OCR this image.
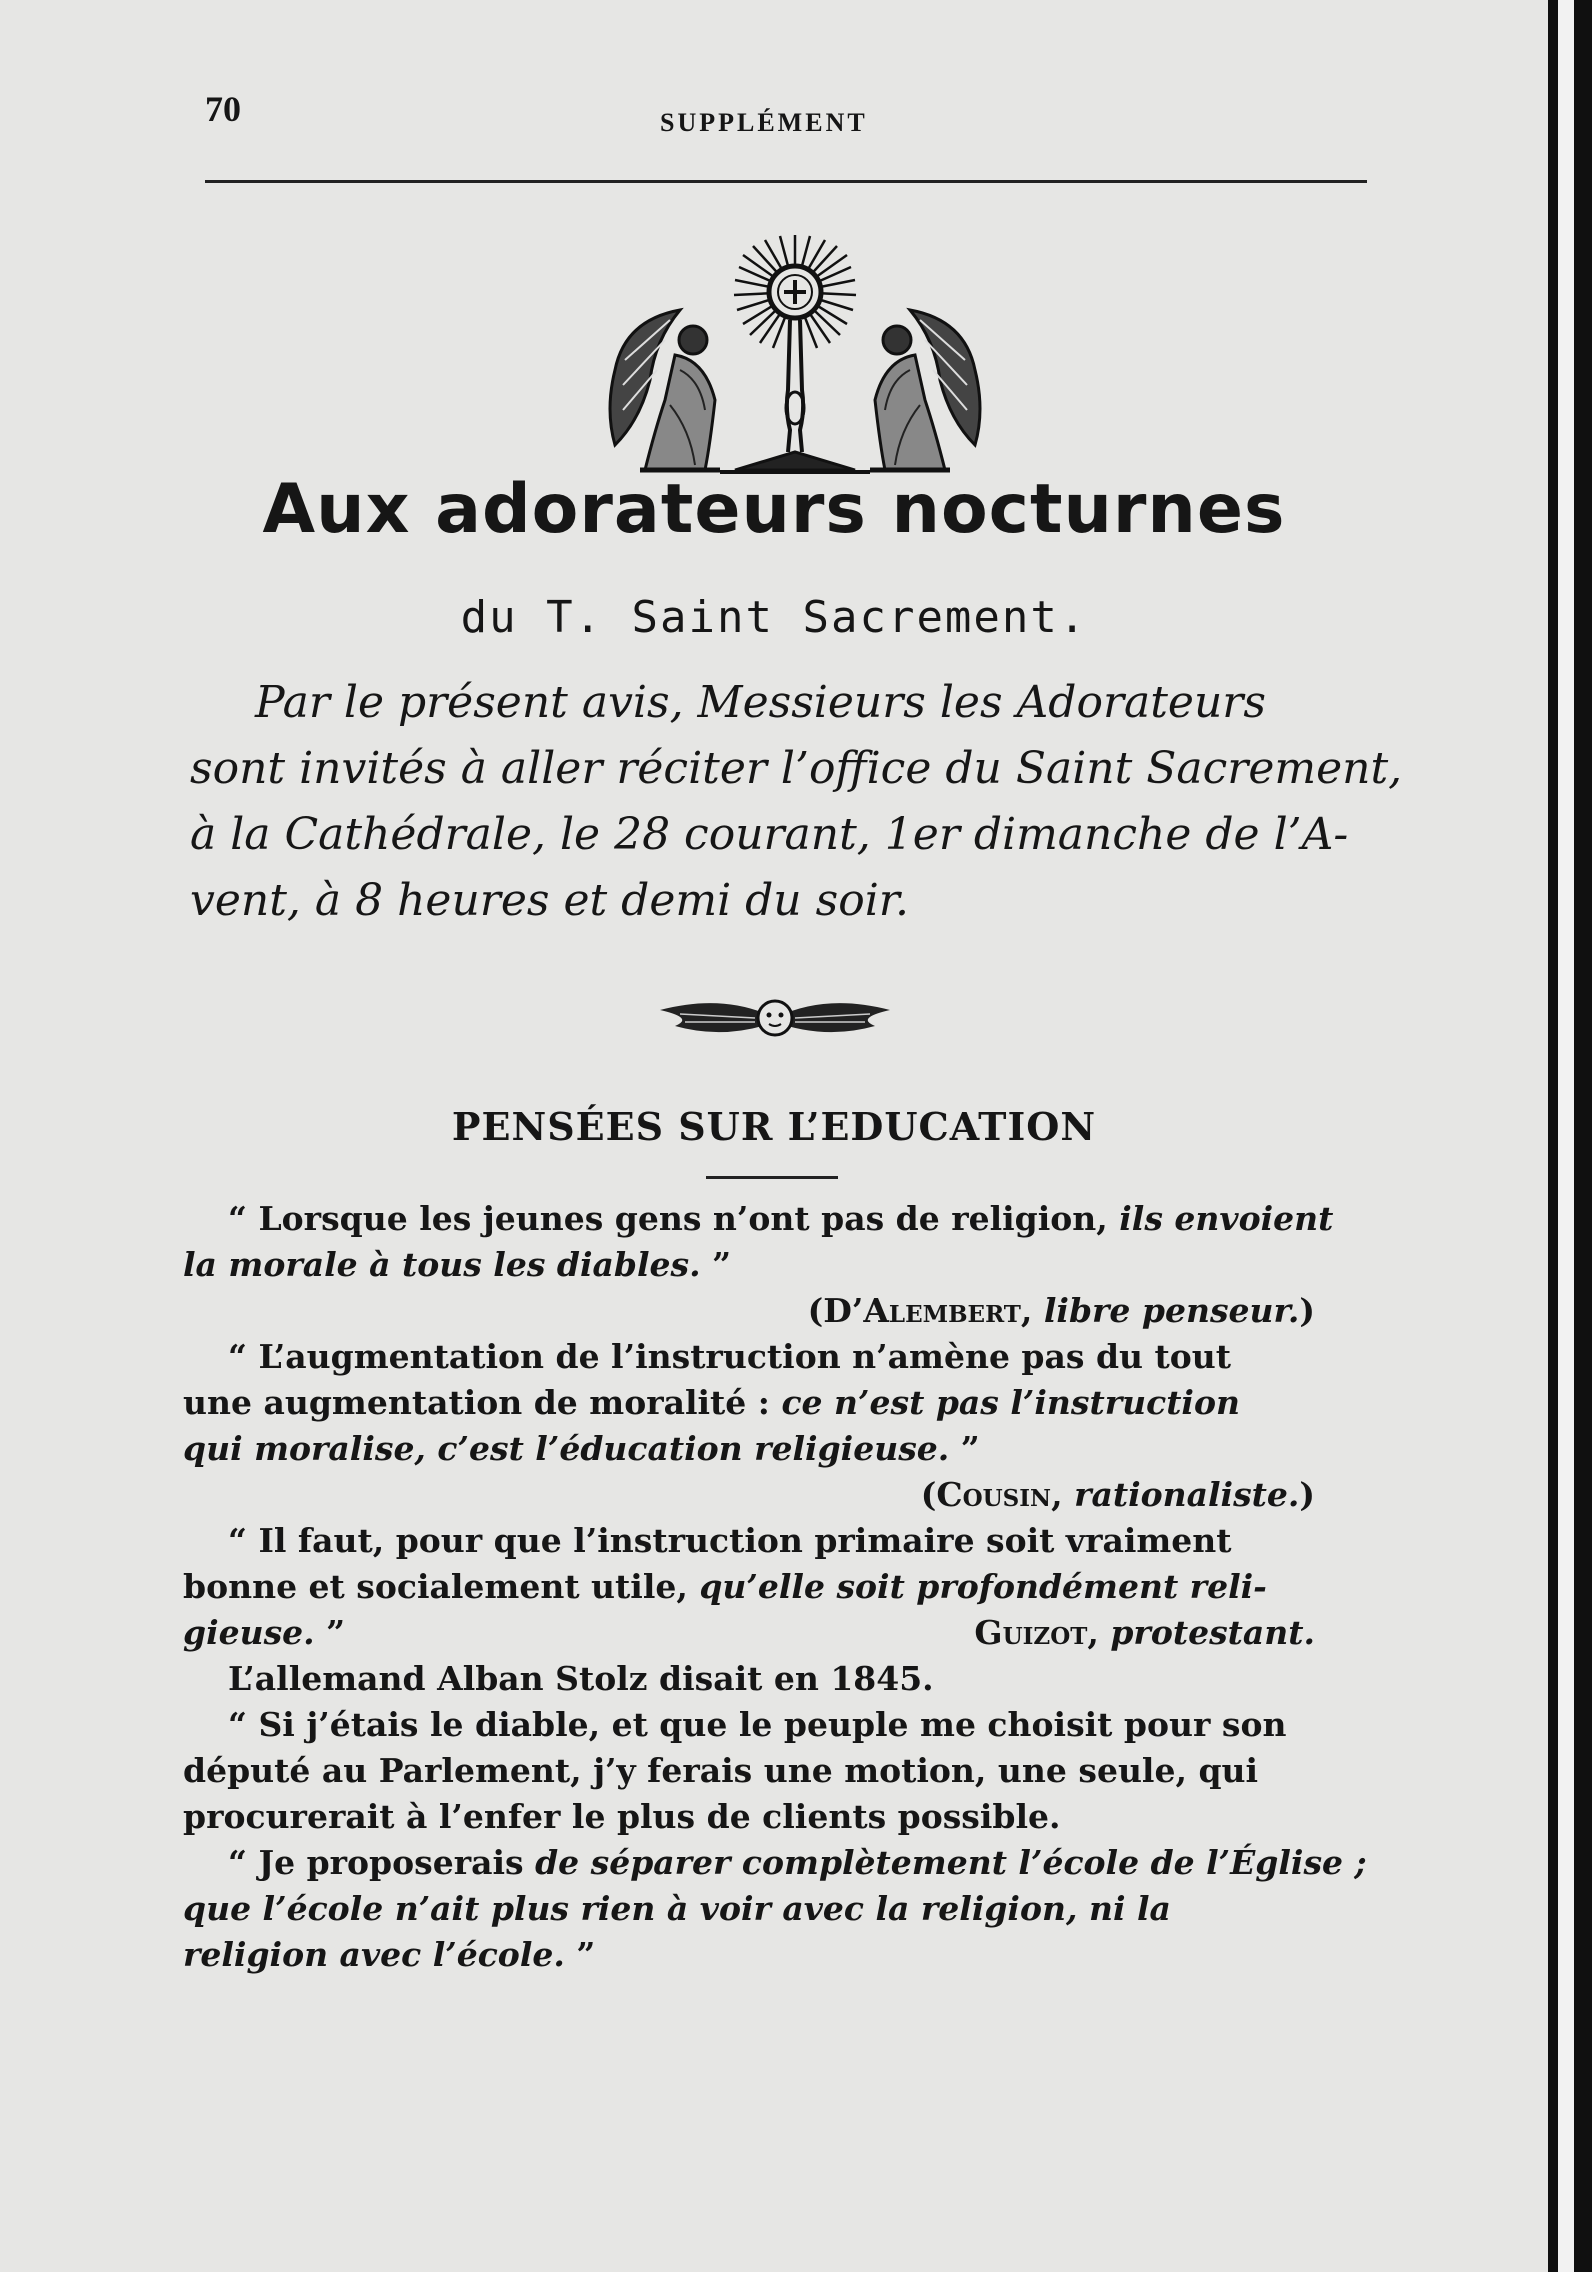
70	SUPPLÉMENT
Aux adorateurs nocturnes
du T. Saint Sacrement.
Par le présent avis, Messieurs les Adorateurs
sont invités à aller réciter l’office du Saint Sacrement,
à la Cathédrale, le 28 courant, 1er dimanche de l’A-
vent, à 8 heures et demi du soir.
PENSÉES SUR L’EDUCATION
“ Lorsque les jeunes gens n’ont pas de religion, ils envoient
la morale à tous les diables. ”
(D’Alembert, libre penseur.)
“ L’augmentation de l’instruction n’amène pas du tout
une augmentation de moralité : ce n’est pas l’instruction
qui moralise, c’est l’éducation religieuse. ”
(Cousin, rationaliste.)
“ Il faut, pour que l’instruction primaire soit vraiment
bonne et socialement utile, qu’elle soit profondément reli-
gieuse. ”	Guizot, protestant.
L’allemand Alban Stolz disait en 1845.
“ Si j’étais le diable, et que le peuple me choisit pour son
député au Parlement, j’y ferais une motion, une seule, qui
procurerait à l’enfer le plus de clients possible.
“ Je proposerais de séparer complètement l’école de l’Église ;
que l’école n’ait plus rien à voir avec la religion, ni la
religion avec l’école. ”
